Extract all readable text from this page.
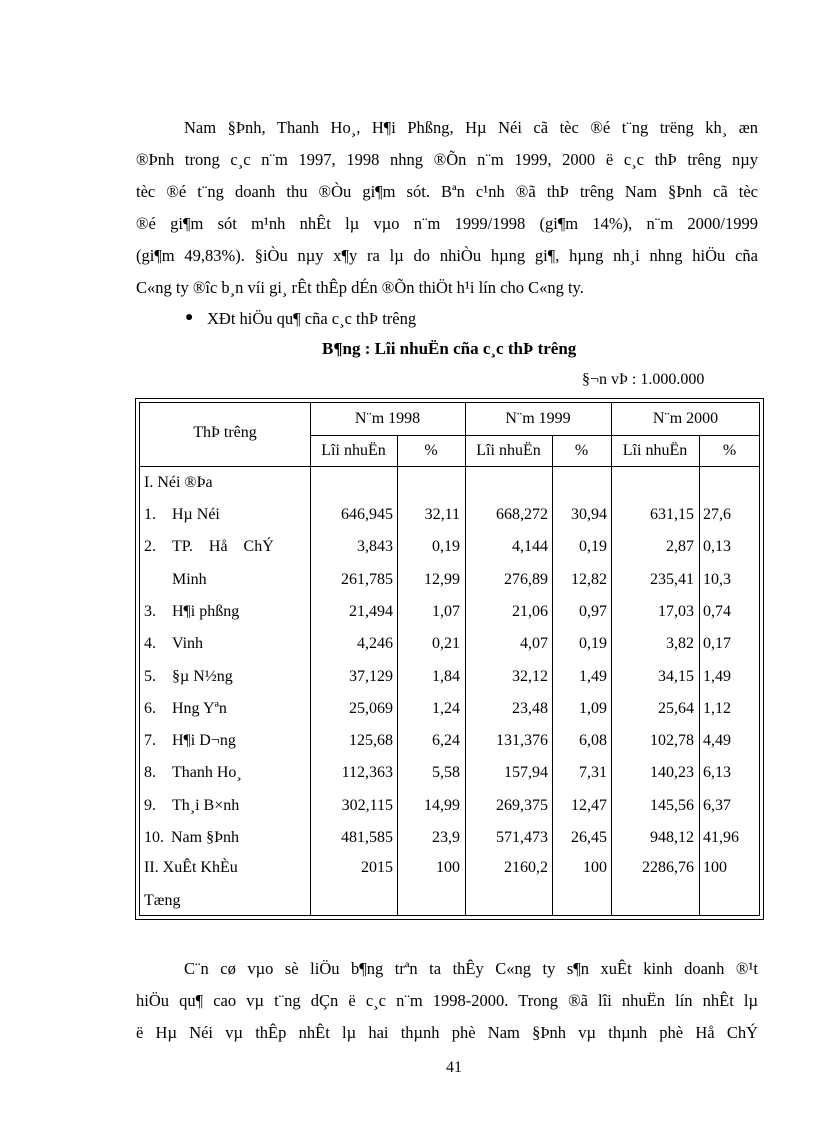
Nam §Þnh, Thanh Ho¸, H¶i Phßng, Hµ Néi cã tèc ®é t¨ng trëng kh¸ æn
®Þnh trong c¸c n¨m 1997, 1998 nhng ®Õn n¨m 1999, 2000 ë c¸c thÞ trêng nµy
tèc ®é t¨ng doanh thu ®Òu gi¶m sót. Bªn c¹nh ®ã thÞ trêng Nam §Þnh cã tèc
®é gi¶m sót m¹nh nhÊt lµ vµo n¨m 1999/1998 (gi¶m 14%), n¨m 2000/1999
(gi¶m 49,83%). §iÒu nµy x¶y ra lµ do nhiÒu hµng gi¶, hµng nh¸i nhng hiÖu cña
C«ng ty ®îc b¸n víi gi¸ rÊt thÊp dÉn ®Õn thiÖt h¹i lín cho C«ng ty.
● XÐt hiÖu qu¶ cña c¸c thÞ trêng
B¶ng : Lîi nhuËn cña c¸c thÞ trêng
§¬n vÞ : 1.000.000
ThÞ trêng
N¨m 1998	N¨m 1999	N¨m 2000
Lîi nhuËn	%	Lîi nhuËn	%	Lîi nhuËn	%
I. Néi ®Þa
1. Hµ Néi	646,945	32,11	668,272	30,94	631,15 27,6
2. TP.    Hå    ChÝ	3,843	0,19	4,144	0,19	2,87 0,13
Minh	261,785	12,99	276,89	12,82	235,41 10,3
3. H¶i phßng	21,494	1,07	21,06	0,97	17,03 0,74
4. Vinh	4,246	0,21	4,07	0,19	3,82 0,17
5. §µ N½ng	37,129	1,84	32,12	1,49	34,15 1,49
6. Hng Yªn	25,069	1,24	23,48	1,09	25,64 1,12
7. H¶i D¬ng	125,68	6,24	131,376	6,08	102,78 4,49
8. Thanh Ho¸	112,363	5,58	157,94	7,31	140,23 6,13
9. Th¸i B×nh	302,115	14,99	269,375	12,47	145,56 6,37
10. Nam §Þnh	481,585	23,9	571,473	26,45	948,12 41,96
II. XuÊt KhÈu	2015	100	2160,2	100	2286,76 100
Tæng
C¨n cø vµo sè liÖu b¶ng trªn ta thÊy C«ng ty s¶n xuÊt kinh doanh ®¹t
hiÖu qu¶ cao vµ t¨ng dÇn ë c¸c n¨m 1998-2000. Trong ®ã lîi nhuËn lín nhÊt lµ
ë Hµ Néi vµ thÊp nhÊt lµ hai thµnh phè Nam §Þnh vµ thµnh phè Hå ChÝ
41
